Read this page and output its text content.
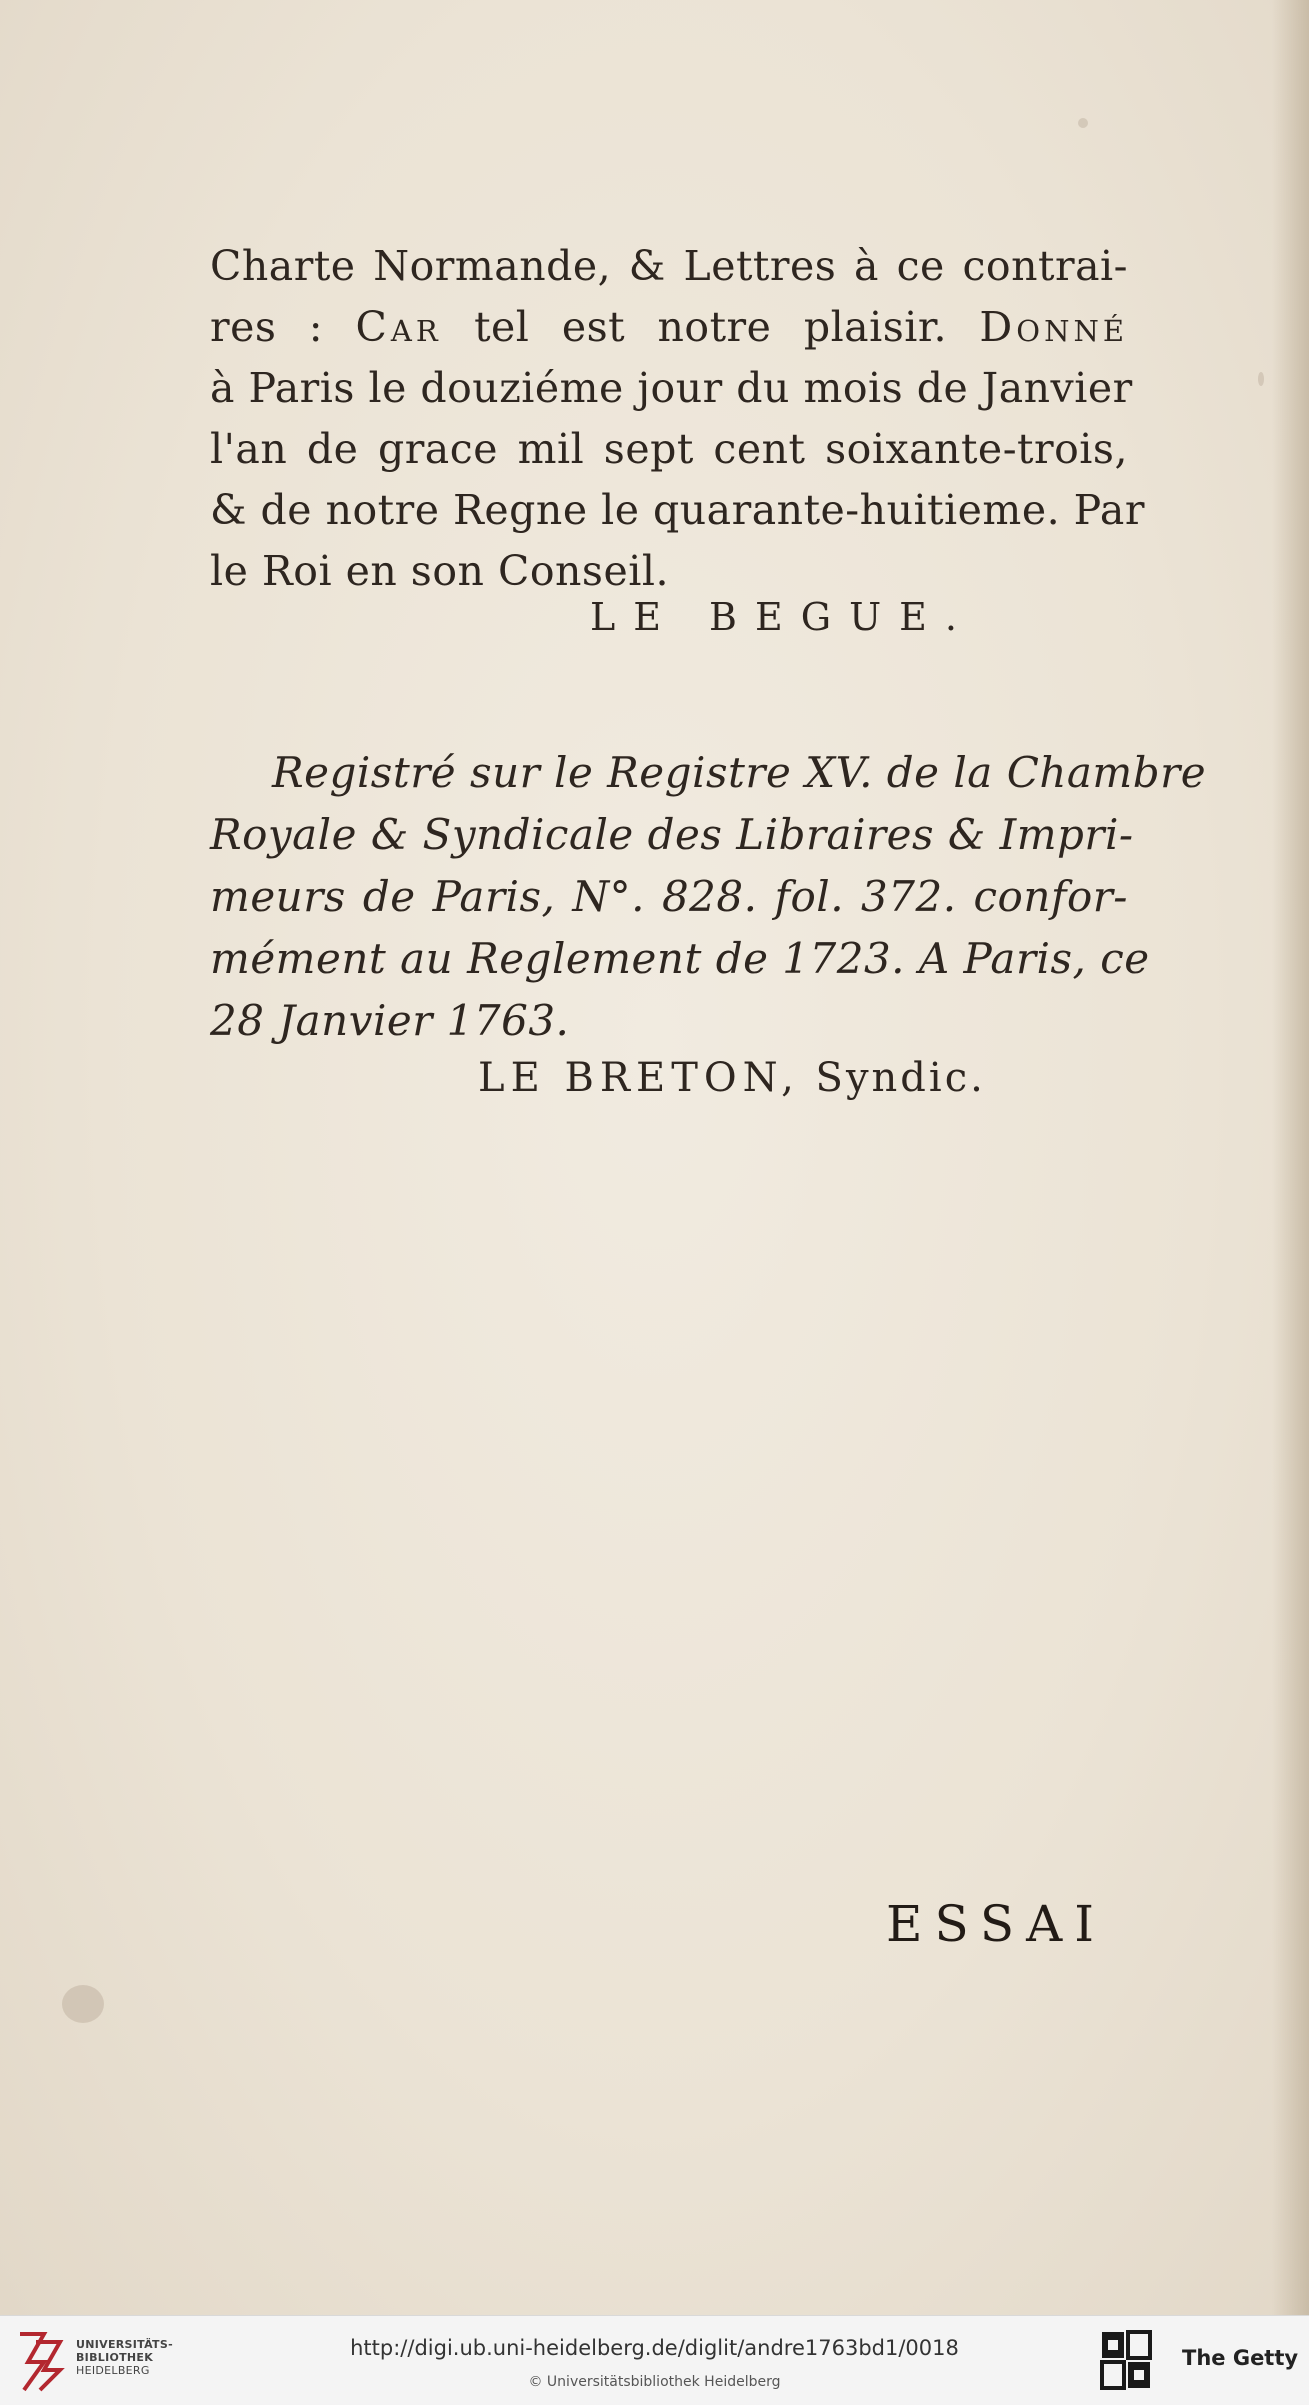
Charte Normande, & Lettres à ce contrai-
res : Car tel est notre plaisir. Donné
à Paris le douziéme jour du mois de Janvier
l'an de grace mil sept cent soixante-trois,
& de notre Regne le quarante-huitieme. Par
le Roi en son Conseil.
LE BEGUE.
Registré sur le Registre XV. de la Chambre
Royale & Syndicale des Libraires & Impri-
meurs de Paris, N°. 828. fol. 372. confor-
mément au Reglement de 1723. A Paris, ce
28 Janvier 1763.
LE BRETON, Syndic.
ESSAI
UNIVERSITÄTS-
BIBLIOTHEK
HEIDELBERG
http://digi.ub.uni-heidelberg.de/diglit/andre1763bd1/0018
© Universitätsbibliothek Heidelberg
The Getty
